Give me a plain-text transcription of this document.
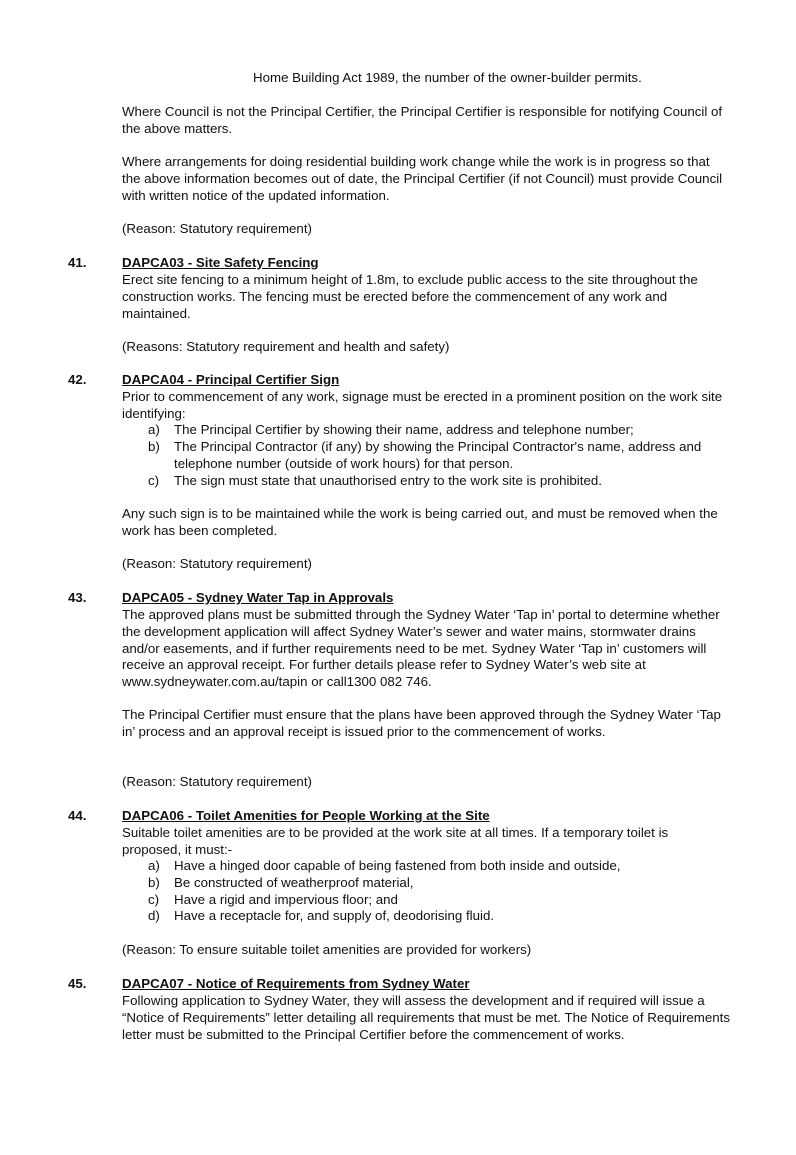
Home Building Act 1989, the number of the owner-builder permits.

Where Council is not the Principal Certifier, the Principal Certifier is responsible for notifying Council of the above matters.

Where arrangements for doing residential building work change while the work is in progress so that the above information becomes out of date, the Principal Certifier (if not Council) must provide Council with written notice of the updated information.

(Reason: Statutory requirement)

41.	DAPCA03 - Site Safety Fencing

Erect site fencing to a minimum height of 1.8m, to exclude public access to the site throughout the construction works. The fencing must be erected before the commencement of any work and maintained.

(Reasons: Statutory requirement and health and safety)

42.	DAPCA04 - Principal Certifier Sign

Prior to commencement of any work, signage must be erected in a prominent position on the work site identifying:

a)	The Principal Certifier by showing their name, address and telephone number;
b)	The Principal Contractor (if any) by showing the Principal Contractor's name, address and telephone number (outside of work hours) for that person.
c)	The sign must state that unauthorised entry to the work site is prohibited.

Any such sign is to be maintained while the work is being carried out, and must be removed when the work has been completed.

(Reason: Statutory requirement)

43.	DAPCA05 - Sydney Water Tap in Approvals

The approved plans must be submitted through the Sydney Water ‘Tap in’ portal to determine whether the development application will affect Sydney Water’s sewer and water mains, stormwater drains and/or easements, and if further requirements need to be met. Sydney Water ‘Tap in’ customers will receive an approval receipt. For further details please refer to Sydney Water’s web site at www.sydneywater.com.au/tapin or call1300 082 746.

The Principal Certifier must ensure that the plans have been approved through the Sydney Water ‘Tap in’ process and an approval receipt is issued prior to the commencement of works.

(Reason: Statutory requirement)

44.	DAPCA06 - Toilet Amenities for People Working at the Site

Suitable toilet amenities are to be provided at the work site at all times. If a temporary toilet is proposed, it must:-

a)	Have a hinged door capable of being fastened from both inside and outside,
b)	Be constructed of weatherproof material,
c)	Have a rigid and impervious floor; and
d)	Have a receptacle for, and supply of, deodorising fluid.

(Reason: To ensure suitable toilet amenities are provided for workers)

45.	DAPCA07 - Notice of Requirements from Sydney Water

Following application to Sydney Water, they will assess the development and if required will issue a “Notice of Requirements” letter detailing all requirements that must be met. The Notice of Requirements letter must be submitted to the Principal Certifier before the commencement of works.
